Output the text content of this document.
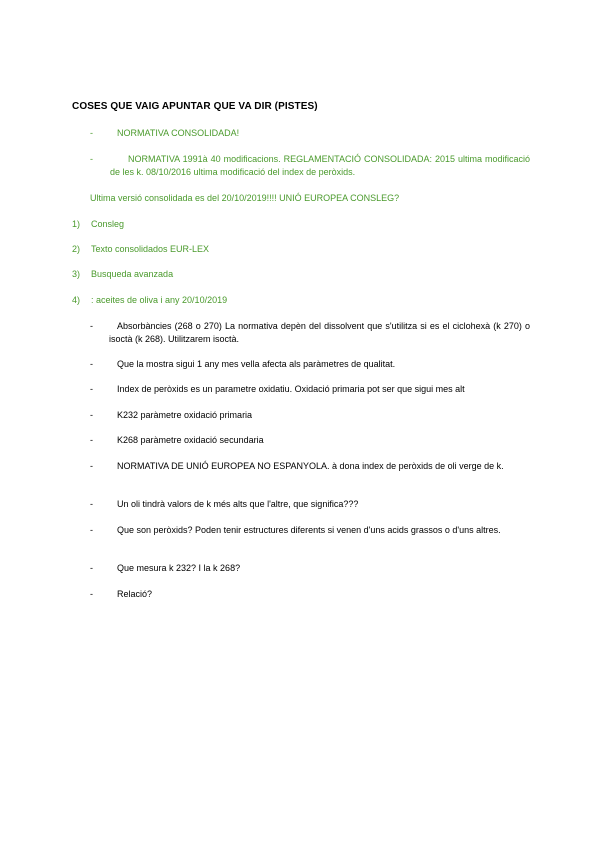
COSES QUE VAIG APUNTAR QUE VA DIR (PISTES)
-	NORMATIVA CONSOLIDADA!
-	NORMATIVA 1991à 40 modificacions. REGLAMENTACIÓ CONSOLIDADA: 2015 ultima modificació de les k. 08/10/2016 ultima modificació del index de peròxids.
Ultima versió consolidada es del 20/10/2019!!!! UNIÓ EUROPEA CONSLEG?
1) Consleg
2) Texto consolidados EUR-LEX
3) Busqueda avanzada
4) : aceites de oliva i any 20/10/2019
-	Absorbàncies (268 o 270) La normativa depèn del dissolvent que s'utilitza si es el ciclohexà (k 270) o isoctà (k 268). Utilitzarem isoctà.
-	Que la mostra sigui 1 any mes vella afecta als paràmetres de qualitat.
-	Index de peròxids es un parametre oxidatiu. Oxidació primaria pot ser que sigui mes alt
-	K232 paràmetre oxidació primaria
-	K268 paràmetre oxidació secundaria
-	NORMATIVA DE UNIÓ EUROPEA NO ESPANYOLA. à dona index de peròxids de oli verge de k.
-	Un oli tindrà valors de k més alts que l'altre, que significa???
-	Que son peròxids? Poden tenir estructures diferents si venen d'uns acids grassos o d'uns altres.
-	Que mesura k 232? I la k 268?
-	Relació?
